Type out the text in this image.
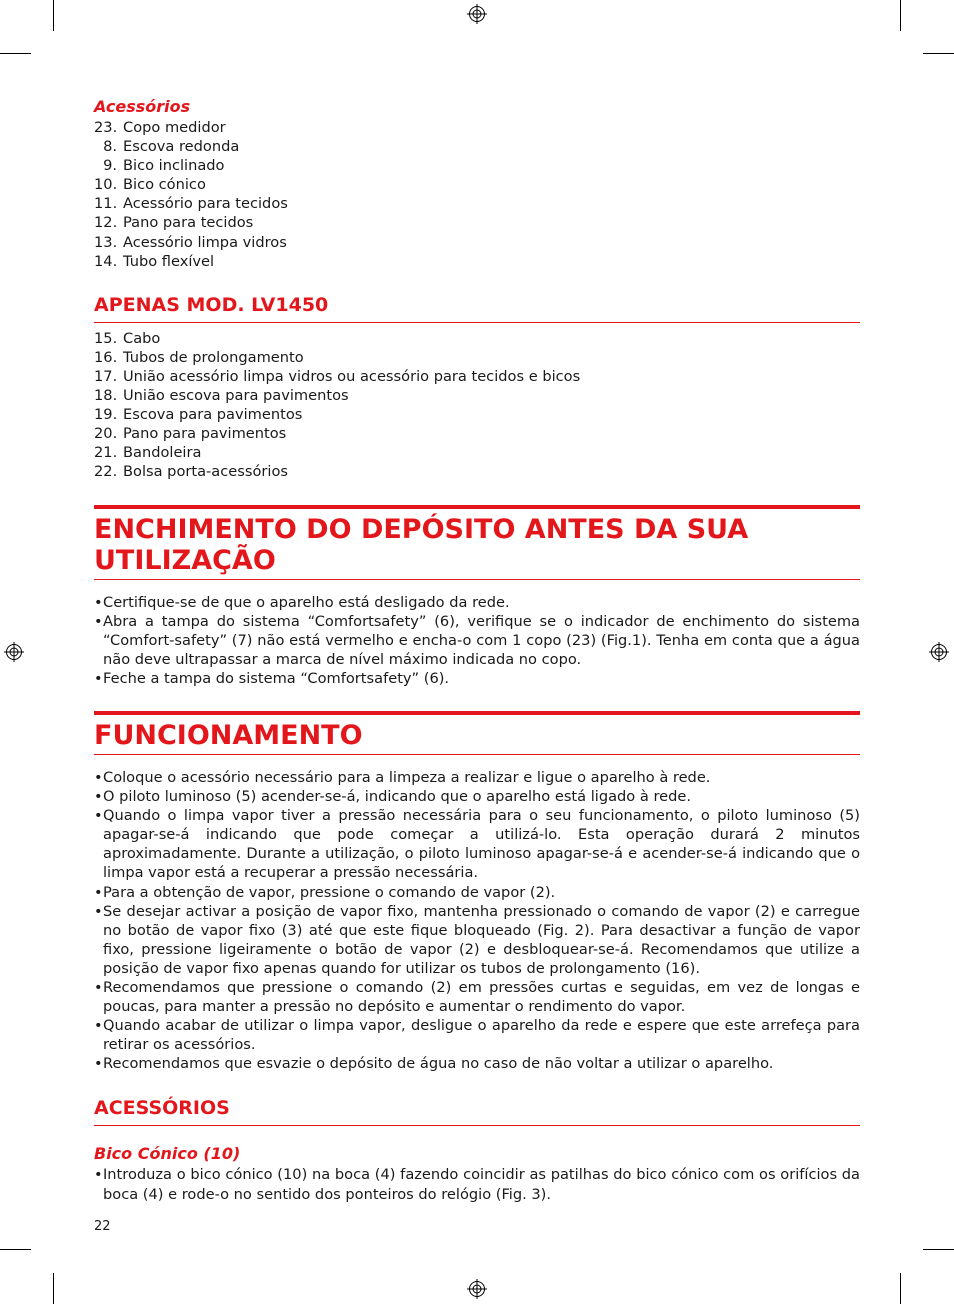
Acessórios
23. Copo medidor
8. Escova redonda
9. Bico inclinado
10. Bico cónico
11. Acessório para tecidos
12. Pano para tecidos
13. Acessório limpa vidros
14. Tubo flexível
APENAS MOD. LV1450
15. Cabo
16. Tubos de prolongamento
17. União acessório limpa vidros ou acessório para tecidos e bicos
18. União escova para pavimentos
19. Escova para pavimentos
20. Pano para pavimentos
21. Bandoleira
22. Bolsa porta-acessórios
ENCHIMENTO DO DEPÓSITO ANTES DA SUA UTILIZAÇÃO
• Certifique-se de que o aparelho está desligado da rede.
• Abra a tampa do sistema “Comfortsafety” (6), verifique se o indicador de enchimento do sistema “Comfort-safety” (7) não está vermelho e encha-o com 1 copo (23) (Fig.1). Tenha em conta que a água não deve ultrapassar a marca de nível máximo indicada no copo.
• Feche a tampa do sistema “Comfortsafety” (6).
FUNCIONAMENTO
• Coloque o acessório necessário para a limpeza a realizar e ligue o aparelho à rede.
• O piloto luminoso (5) acender-se-á, indicando que o aparelho está ligado à rede.
• Quando o limpa vapor tiver a pressão necessária para o seu funcionamento, o piloto luminoso (5) apagar-se-á indicando que pode começar a utilizá-lo. Esta operação durará 2 minutos aproximadamente. Durante a utilização, o piloto luminoso apagar-se-á e acender-se-á indicando que o limpa vapor está a recuperar a pressão necessária.
• Para a obtenção de vapor, pressione o comando de vapor (2).
• Se desejar activar a posição de vapor fixo, mantenha pressionado o comando de vapor (2) e carregue no botão de vapor fixo (3) até que este fique bloqueado (Fig. 2). Para desactivar a função de vapor fixo, pressione ligeiramente o botão de vapor (2) e desbloquear-se-á. Recomendamos que utilize a posição de vapor fixo apenas quando for utilizar os tubos de prolongamento (16).
• Recomendamos que pressione o comando (2) em pressões curtas e seguidas, em vez de longas e poucas, para manter a pressão no depósito e aumentar o rendimento do vapor.
• Quando acabar de utilizar o limpa vapor, desligue o aparelho da rede e espere que este arrefeça para retirar os acessórios.
• Recomendamos que esvazie o depósito de água no caso de não voltar a utilizar o aparelho.
ACESSÓRIOS
Bico Cónico (10)
• Introduza o bico cónico (10) na boca (4) fazendo coincidir as patilhas do bico cónico com os orifícios da boca (4) e rode-o no sentido dos ponteiros do relógio (Fig. 3).
22
